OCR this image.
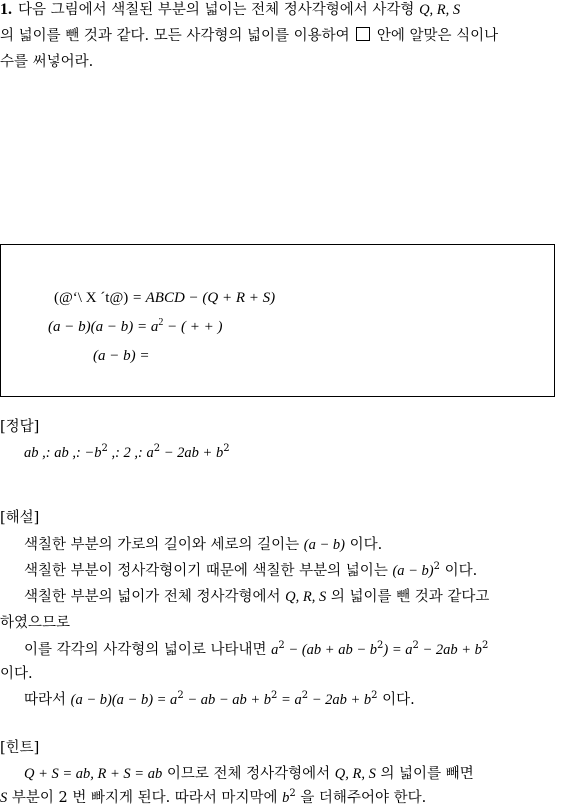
1. 다음 그림에서 색칠된 부분의 넓이는 전체 정사각형에서 사각형 Q, R, S
의 넓이를 뺀 것과 같다. 모든 사각형의 넓이를 이용하여 안에 알맞은 식이나
수를 써넣어라.
(@‘\ X ´t@) = ABCD − (Q + R + S)
$(a - b)(a - b) = a^2$ − ( + + )
(a − b) =
[정답]
ab ,: ab ,: $-b^2$ ,: 2 ,: $a^2 - 2ab + b^2$
[해설]
색칠한 부분의 가로의 길이와 세로의 길이는 (a − b) 이다.
색칠한 부분이 정사각형이기 때문에 색칠한 부분의 넓이는 $(a - b)^2$ 이다.
색칠한 부분의 넓이가 전체 정사각형에서 Q, R, S 의 넓이를 뺀 것과 같다고
하였으므로
이를 각각의 사각형의 넓이로 나타내면 $a^2 - (ab$ + ab − $b^2) = a^2 - 2ab + b^2$
이다.
따라서 $(a - b)(a - b) = a^2$ − ab − ab + $b^2 = a^2 - 2ab + b^2$ 이다.
[힌트]
Q + S = ab, R + S = ab 이므로 전체 정사각형에서 Q, R, S 의 넓이를 빼면
S 부분이 2 번 빠지게 된다. 따라서 마지막에 $b^2$ 을 더해주어야 한다.
